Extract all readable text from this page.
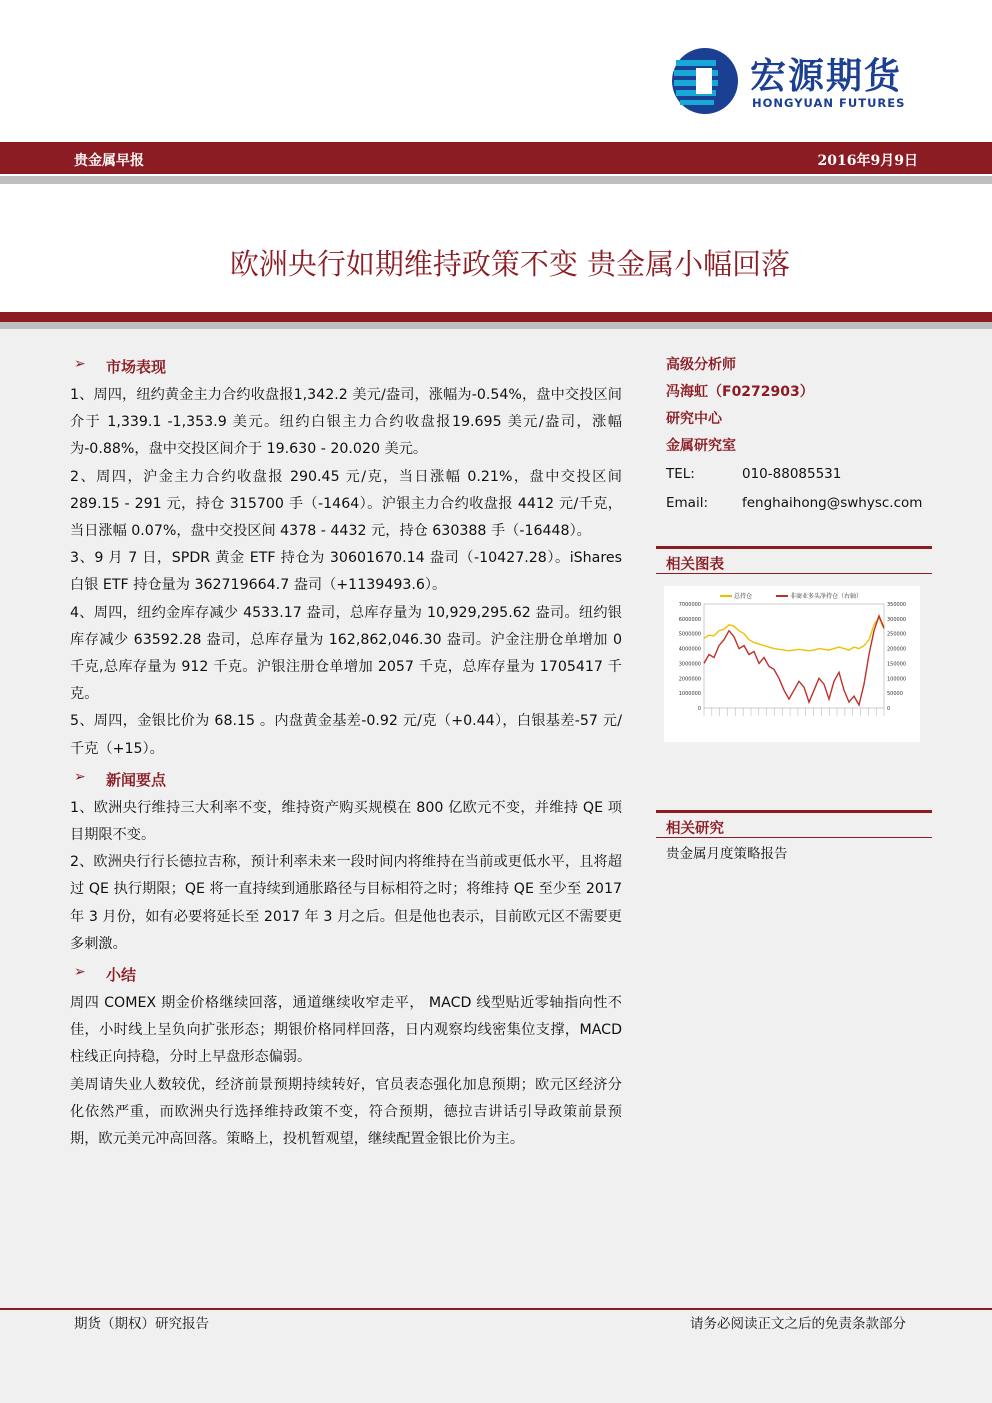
宏源期货
HONGYUAN FUTURES
贵金属早报	2016年9月9日
欧洲央行如期维持政策不变 贵金属小幅回落
➢ 市场表现

1、周四，纽约黄金主力合约收盘报1,342.2 美元/盎司，涨幅为-0.54%，盘中交投区间介于 1,339.1 -1,353.9 美元。纽约白银主力合约收盘报19.695 美元/盎司，涨幅为-0.88%，盘中交投区间介于 19.630 - 20.020 美元。

2、周四，沪金主力合约收盘报 290.45 元/克，当日涨幅 0.21%，盘中交投区间 289.15 - 291 元，持仓 315700 手（-1464）。沪银主力合约收盘报 4412 元/千克，当日涨幅 0.07%，盘中交投区间 4378 - 4432 元，持仓 630388 手（-16448）。

3、9 月 7 日，SPDR 黄金 ETF 持仓为 30601670.14 盎司（-10427.28）。iShares 白银 ETF 持仓量为 362719664.7 盎司（+1139493.6）。

4、周四，纽约金库存减少 4533.17 盎司，总库存量为 10,929,295.62 盎司。纽约银库存减少 63592.28 盎司，总库存量为 162,862,046.30 盎司。沪金注册仓单增加 0 千克,总库存量为 912 千克。沪银注册仓单增加 2057 千克，总库存量为 1705417 千克。

5、周四，金银比价为 68.15 。内盘黄金基差-0.92 元/克（+0.44），白银基差-57 元/千克（+15）。

➢ 新闻要点

1、欧洲央行维持三大利率不变，维持资产购买规模在 800 亿欧元不变，并维持 QE 项目期限不变。

2、欧洲央行行长德拉吉称，预计利率未来一段时间内将维持在当前或更低水平，且将超过 QE 执行期限；QE 将一直持续到通胀路径与目标相符之时；将维持 QE 至少至 2017 年 3 月份，如有必要将延长至 2017 年 3 月之后。但是他也表示，目前欧元区不需要更多刺激。

➢ 小结

周四 COMEX 期金价格继续回落，通道继续收窄走平， MACD 线型贴近零轴指向性不佳，小时线上呈负向扩张形态；期银价格同样回落，日内观察均线密集位支撑，MACD 柱线正向持稳，分时上早盘形态偏弱。

美周请失业人数较优，经济前景预期持续转好，官员表态强化加息预期；欧元区经济分化依然严重，而欧洲央行选择维持政策不变，符合预期，德拉吉讲话引导政策前景预期，欧元美元冲高回落。策略上，投机暂观望，继续配置金银比价为主。

高级分析师
冯海虹（F0272903）
研究中心
金属研究室
TEL:	010-88085531
Email:	fenghaihong@swhysc.com
相关图表
7000000
6000000
5000000
4000000
3000000
2000000
1000000
0
350000
300000
250000
200000
150000
100000
50000
0
总持仓	非商业多头净持仓（右轴）
相关研究
贵金属月度策略报告
期货（期权）研究报告	请务必阅读正文之后的免责条款部分
